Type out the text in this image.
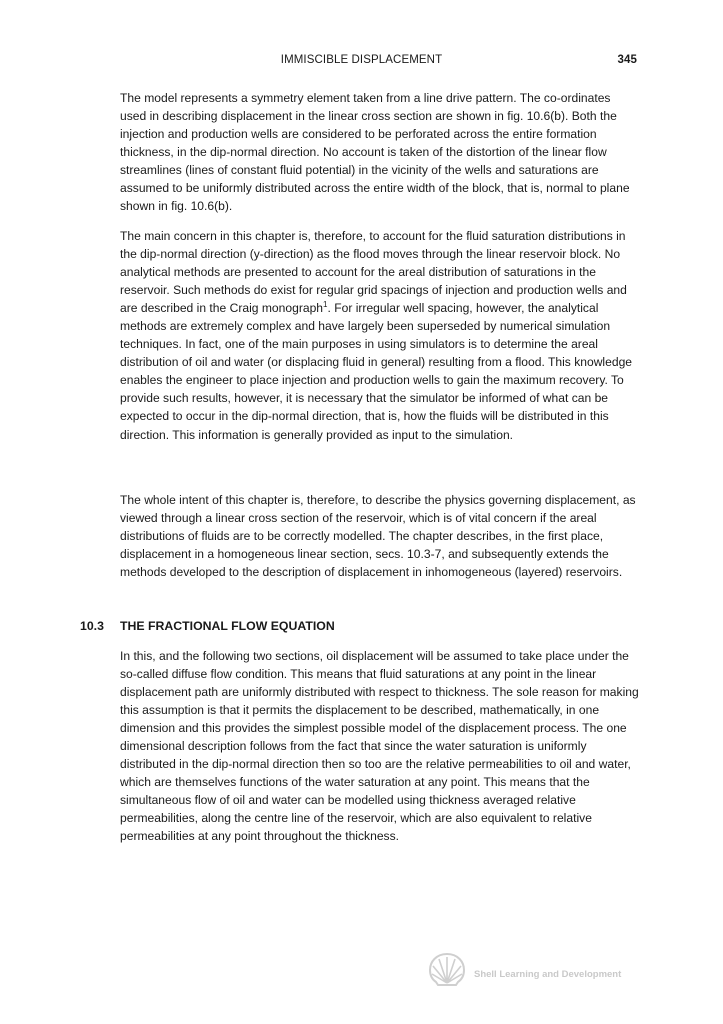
IMMISCIBLE DISPLACEMENT	345

The model represents a symmetry element taken from a line drive pattern. The co-ordinates used in describing displacement in the linear cross section are shown in fig. 10.6(b). Both the injection and production wells are considered to be perforated across the entire formation thickness, in the dip-normal direction. No account is taken of the distortion of the linear flow streamlines (lines of constant fluid potential) in the vicinity of the wells and saturations are assumed to be uniformly distributed across the entire width of the block, that is, normal to plane shown in fig. 10.6(b).

The main concern in this chapter is, therefore, to account for the fluid saturation distributions in the dip-normal direction (y-direction) as the flood moves through the linear reservoir block. No analytical methods are presented to account for the areal distribution of saturations in the reservoir. Such methods do exist for regular grid spacings of injection and production wells and are described in the Craig monograph$^1$. For irregular well spacing, however, the analytical methods are extremely complex and have largely been superseded by numerical simulation techniques. In fact, one of the main purposes in using simulators is to determine the areal distribution of oil and water (or displacing fluid in general) resulting from a flood. This knowledge enables the engineer to place injection and production wells to gain the maximum recovery. To provide such results, however, it is necessary that the simulator be informed of what can be expected to occur in the dip-normal direction, that is, how the fluids will be distributed in this direction. This information is generally provided as input to the simulation.

The whole intent of this chapter is, therefore, to describe the physics governing displacement, as viewed through a linear cross section of the reservoir, which is of vital concern if the areal distributions of fluids are to be correctly modelled. The chapter describes, in the first place, displacement in a homogeneous linear section, secs. 10.3-7, and subsequently extends the methods developed to the description of displacement in inhomogeneous (layered) reservoirs.

10.3 THE FRACTIONAL FLOW EQUATION

In this, and the following two sections, oil displacement will be assumed to take place under the so-called diffuse flow condition. This means that fluid saturations at any point in the linear displacement path are uniformly distributed with respect to thickness. The sole reason for making this assumption is that it permits the displacement to be described, mathematically, in one dimension and this provides the simplest possible model of the displacement process. The one dimensional description follows from the fact that since the water saturation is uniformly distributed in the dip-normal direction then so too are the relative permeabilities to oil and water, which are themselves functions of the water saturation at any point. This means that the simultaneous flow of oil and water can be modelled using thickness averaged relative permeabilities, along the centre line of the reservoir, which are also equivalent to relative permeabilities at any point throughout the thickness.

Shell Learning and Development
